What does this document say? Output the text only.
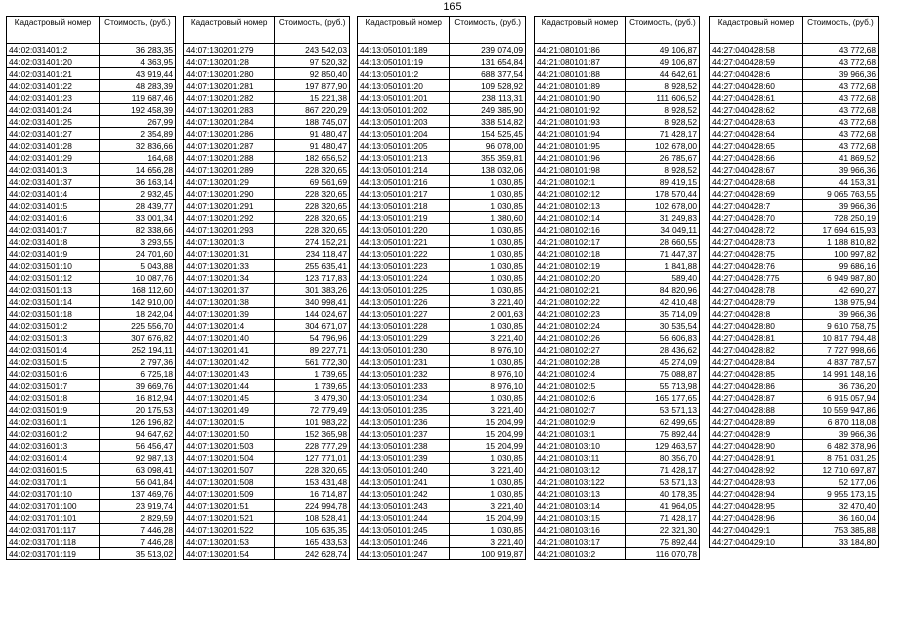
165
Кадастровый номер	Стоимость, (руб.)
44:02:031401:2	36 283,35
44:02:031401:20	4 363,95
44:02:031401:21	43 919,44
44:02:031401:22	48 283,39
44:02:031401:23	119 687,46
44:02:031401:24	192 458,39
44:02:031401:25	267,99
44:02:031401:27	2 354,89
44:02:031401:28	32 836,66
44:02:031401:29	164,68
44:02:031401:3	14 656,28
44:02:031401:37	36 163,14
44:02:031401:4	2 932,45
44:02:031401:5	28 439,77
44:02:031401:6	33 001,34
44:02:031401:7	82 338,66
44:02:031401:8	3 293,55
44:02:031401:9	24 701,60
44:02:031501:10	5 043,88
44:02:031501:12	10 087,76
44:02:031501:13	168 112,60
44:02:031501:14	142 910,00
44:02:031501:18	18 242,04
44:02:031501:2	225 556,70
44:02:031501:3	307 676,82
44:02:031501:4	252 194,11
44:02:031501:5	2 797,36
44:02:031501:6	6 725,18
44:02:031501:7	39 669,76
44:02:031501:8	16 812,94
44:02:031501:9	20 175,53
44:02:031601:1	126 196,82
44:02:031601:2	94 647,62
44:02:031601:3	56 456,47
44:02:031601:4	92 987,13
44:02:031601:5	63 098,41
44:02:031701:1	56 041,84
44:02:031701:10	137 469,76
44:02:031701:100	23 919,74
44:02:031701:101	2 829,59
44:02:031701:117	7 446,28
44:02:031701:118	7 446,28
44:02:031701:119	35 513,02
Кадастровый номер	Стоимость, (руб.)
44:07:130201:279	243 542,03
44:07:130201:28	97 520,32
44:07:130201:280	92 850,40
44:07:130201:281	197 877,90
44:07:130201:282	15 221,38
44:07:130201:283	867 220,29
44:07:130201:284	188 745,07
44:07:130201:286	91 480,47
44:07:130201:287	91 480,47
44:07:130201:288	182 656,52
44:07:130201:289	228 320,65
44:07:130201:29	69 561,69
44:07:130201:290	228 320,65
44:07:130201:291	228 320,65
44:07:130201:292	228 320,65
44:07:130201:293	228 320,65
44:07:130201:3	274 152,21
44:07:130201:31	234 118,47
44:07:130201:33	255 635,41
44:07:130201:34	123 717,83
44:07:130201:37	301 383,26
44:07:130201:38	340 998,41
44:07:130201:39	144 024,67
44:07:130201:4	304 671,07
44:07:130201:40	54 796,96
44:07:130201:41	89 227,71
44:07:130201:42	561 772,30
44:07:130201:43	1 739,65
44:07:130201:44	1 739,65
44:07:130201:45	3 479,30
44:07:130201:49	72 779,49
44:07:130201:5	101 983,22
44:07:130201:50	152 365,98
44:07:130201:503	228 777,29
44:07:130201:504	127 771,01
44:07:130201:507	228 320,65
44:07:130201:508	153 431,48
44:07:130201:509	16 714,87
44:07:130201:51	224 994,78
44:07:130201:521	108 528,41
44:07:130201:522	105 635,35
44:07:130201:53	165 433,53
44:07:130201:54	242 628,74
Кадастровый номер	Стоимость, (руб.)
44:13:050101:189	239 074,09
44:13:050101:19	131 654,84
44:13:050101:2	688 377,54
44:13:050101:20	109 528,92
44:13:050101:201	238 113,31
44:13:050101:202	249 385,90
44:13:050101:203	338 514,82
44:13:050101:204	154 525,45
44:13:050101:205	96 078,00
44:13:050101:213	355 359,81
44:13:050101:214	138 032,06
44:13:050101:216	1 030,85
44:13:050101:217	1 030,85
44:13:050101:218	1 030,85
44:13:050101:219	1 380,60
44:13:050101:220	1 030,85
44:13:050101:221	1 030,85
44:13:050101:222	1 030,85
44:13:050101:223	1 030,85
44:13:050101:224	1 030,85
44:13:050101:225	1 030,85
44:13:050101:226	3 221,40
44:13:050101:227	2 001,63
44:13:050101:228	1 030,85
44:13:050101:229	3 221,40
44:13:050101:230	8 976,10
44:13:050101:231	1 030,85
44:13:050101:232	8 976,10
44:13:050101:233	8 976,10
44:13:050101:234	1 030,85
44:13:050101:235	3 221,40
44:13:050101:236	15 204,99
44:13:050101:237	15 204,99
44:13:050101:238	15 204,99
44:13:050101:239	1 030,85
44:13:050101:240	3 221,40
44:13:050101:241	1 030,85
44:13:050101:242	1 030,85
44:13:050101:243	3 221,40
44:13:050101:244	15 204,99
44:13:050101:245	1 030,85
44:13:050101:246	3 221,40
44:13:050101:247	100 919,87
Кадастровый номер	Стоимость, (руб.)
44:21:080101:86	49 106,87
44:21:080101:87	49 106,87
44:21:080101:88	44 642,61
44:21:080101:89	8 928,52
44:21:080101:90	111 606,52
44:21:080101:92	8 928,52
44:21:080101:93	8 928,52
44:21:080101:94	71 428,17
44:21:080101:95	102 678,00
44:21:080101:96	26 785,67
44:21:080101:98	8 928,52
44:21:080102:1	89 419,15
44:21:080102:12	178 570,44
44:21:080102:13	102 678,00
44:21:080102:14	31 249,83
44:21:080102:16	34 049,11
44:21:080102:17	28 660,55
44:21:080102:18	71 447,37
44:21:080102:19	1 841,88
44:21:080102:20	589,40
44:21:080102:21	84 820,96
44:21:080102:22	42 410,48
44:21:080102:23	35 714,09
44:21:080102:24	30 535,54
44:21:080102:26	56 606,83
44:21:080102:27	28 436,62
44:21:080102:28	45 274,09
44:21:080102:4	75 088,87
44:21:080102:5	55 713,98
44:21:080102:6	165 177,65
44:21:080102:7	53 571,13
44:21:080102:9	62 499,65
44:21:080103:1	75 892,44
44:21:080103:10	129 463,57
44:21:080103:11	80 356,70
44:21:080103:12	71 428,17
44:21:080103:122	53 571,13
44:21:080103:13	40 178,35
44:21:080103:14	41 964,05
44:21:080103:15	71 428,17
44:21:080103:16	22 321,30
44:21:080103:17	75 892,44
44:21:080103:2	116 070,78
Кадастровый номер	Стоимость, (руб.)
44:27:040428:58	43 772,68
44:27:040428:59	43 772,68
44:27:040428:6	39 966,36
44:27:040428:60	43 772,68
44:27:040428:61	43 772,68
44:27:040428:62	43 772,68
44:27:040428:63	43 772,68
44:27:040428:64	43 772,68
44:27:040428:65	43 772,68
44:27:040428:66	41 869,52
44:27:040428:67	39 966,36
44:27:040428:68	44 153,31
44:27:040428:69	9 065 763,55
44:27:040428:7	39 966,36
44:27:040428:70	728 250,19
44:27:040428:72	17 694 615,93
44:27:040428:73	1 188 810,82
44:27:040428:75	100 997,82
44:27:040428:76	99 686,16
44:27:040428:775	6 949 987,80
44:27:040428:78	42 690,27
44:27:040428:79	138 975,94
44:27:040428:8	39 966,36
44:27:040428:80	9 610 758,75
44:27:040428:81	10 817 794,48
44:27:040428:82	7 727 998,66
44:27:040428:84	4 837 787,57
44:27:040428:85	14 991 148,16
44:27:040428:86	36 736,20
44:27:040428:87	6 915 057,94
44:27:040428:88	10 559 947,86
44:27:040428:89	6 870 118,08
44:27:040428:9	39 966,36
44:27:040428:90	6 482 378,96
44:27:040428:91	8 751 031,25
44:27:040428:92	12 710 697,87
44:27:040428:93	52 177,06
44:27:040428:94	9 955 173,15
44:27:040428:95	32 470,40
44:27:040428:96	36 160,04
44:27:040429:1	753 385,88
44:27:040429:10	33 184,80
